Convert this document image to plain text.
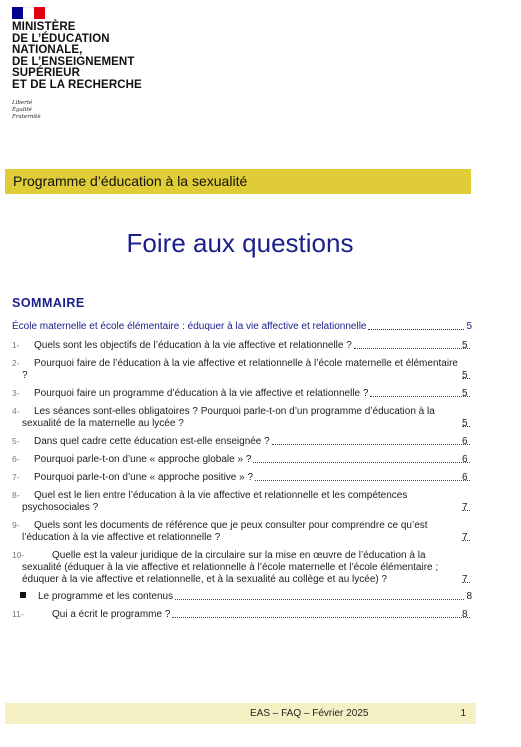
MINISTÈRE
DE L’ÉDUCATION
NATIONALE,
DE L’ENSEIGNEMENT
SUPÉRIEUR
ET DE LA RECHERCHE
Liberté
Égalité
Fraternité
Programme d’éducation à la sexualité
Foire aux questions
SOMMAIRE
École maternelle et école élémentaire : éduquer à la vie affective et relationnelle	5
1- Quels sont les objectifs de l’éducation à la vie affective et relationnelle ?	5
2- Pourquoi faire de l’éducation à la vie affective et relationnelle à l’école maternelle et élémentaire ?	5
3- Pourquoi faire un programme d’éducation à la vie affective et relationnelle ?	5
4- Les séances sont-elles obligatoires ? Pourquoi parle-t-on d’un programme d’éducation à la sexualité de la maternelle au lycée ?	5
5- Dans quel cadre cette éducation est-elle enseignée ?	6
6- Pourquoi parle-t-on d’une « approche globale » ?	6
7- Pourquoi parle-t-on d’une « approche positive » ?	6
8- Quel est le lien entre l’éducation à la vie affective et relationnelle et les compétences psychosociales ?	7
9- Quels sont les documents de référence que je peux consulter pour comprendre ce qu’est l’éducation à la vie affective et relationnelle ?	7
10-	Quelle est la valeur juridique de la circulaire sur la mise en œuvre de l’éducation à la sexualité (éduquer à la vie affective et relationnelle à l’école maternelle et l’école élémentaire ; éduquer à la vie affective et relationnelle, et à la sexualité au collège et au lycée) ?	7
Le programme et les contenus	8
11-	Qui a écrit le programme ?	8
EAS – FAQ – Février 2025	1
